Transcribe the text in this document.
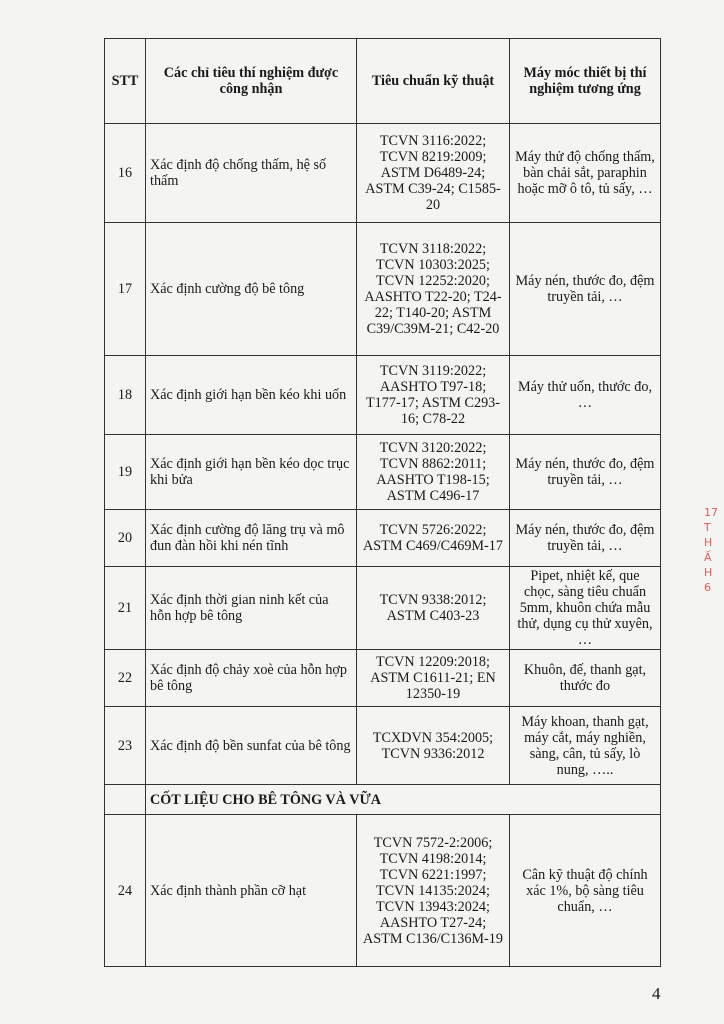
STT	Các chỉ tiêu thí nghiệm được công nhận	Tiêu chuẩn kỹ thuật	Máy móc thiết bị thí nghiệm tương ứng
16	Xác định độ chống thấm, hệ số thấm	TCVN 3116:2022; TCVN 8219:2009; ASTM D6489-24; ASTM C39-24; C1585-20	Máy thử độ chống thấm, bàn chải sắt, paraphin hoặc mỡ ô tô, tủ sấy, …
17	Xác định cường độ bê tông	TCVN 3118:2022; TCVN 10303:2025; TCVN 12252:2020; AASHTO T22-20; T24-22; T140-20; ASTM C39/C39M-21; C42-20	Máy nén, thước đo, đệm truyền tải, …
18	Xác định giới hạn bền kéo khi uốn	TCVN 3119:2022; AASHTO T97-18; T177-17; ASTM C293-16; C78-22	Máy thử uốn, thước đo, …
19	Xác định giới hạn bền kéo dọc trục khi bửa	TCVN 3120:2022; TCVN 8862:2011; AASHTO T198-15; ASTM C496-17	Máy nén, thước đo, đệm truyền tải, …
20	Xác định cường độ lăng trụ và mô đun đàn hồi khi nén tĩnh	TCVN 5726:2022; ASTM C469/C469M-17	Máy nén, thước đo, đệm truyền tải, …
21	Xác định thời gian ninh kết của hỗn hợp bê tông	TCVN 9338:2012; ASTM C403-23	Pipet, nhiệt kế, que chọc, sàng tiêu chuẩn 5mm, khuôn chứa mẫu thử, dụng cụ thử xuyên, …
22	Xác định độ chảy xoè của hỗn hợp bê tông	TCVN 12209:2018; ASTM C1611-21; EN 12350-19	Khuôn, đế, thanh gạt, thước đo
23	Xác định độ bền sunfat của bê tông	TCXDVN 354:2005; TCVN 9336:2012	Máy khoan, thanh gạt, máy cắt, máy nghiền, sàng, cân, tủ sấy, lò nung, …..
	CỐT LIỆU CHO BÊ TÔNG VÀ VỮA		
24	Xác định thành phần cỡ hạt	TCVN 7572-2:2006; TCVN 4198:2014; TCVN 6221:1997; TCVN 14135:2024; TCVN 13943:2024; AASHTO T27-24; ASTM C136/C136M-19	Cân kỹ thuật độ chính xác 1%, bộ sàng tiêu chuẩn, …
17
T
H
Ấ
H
6
4
